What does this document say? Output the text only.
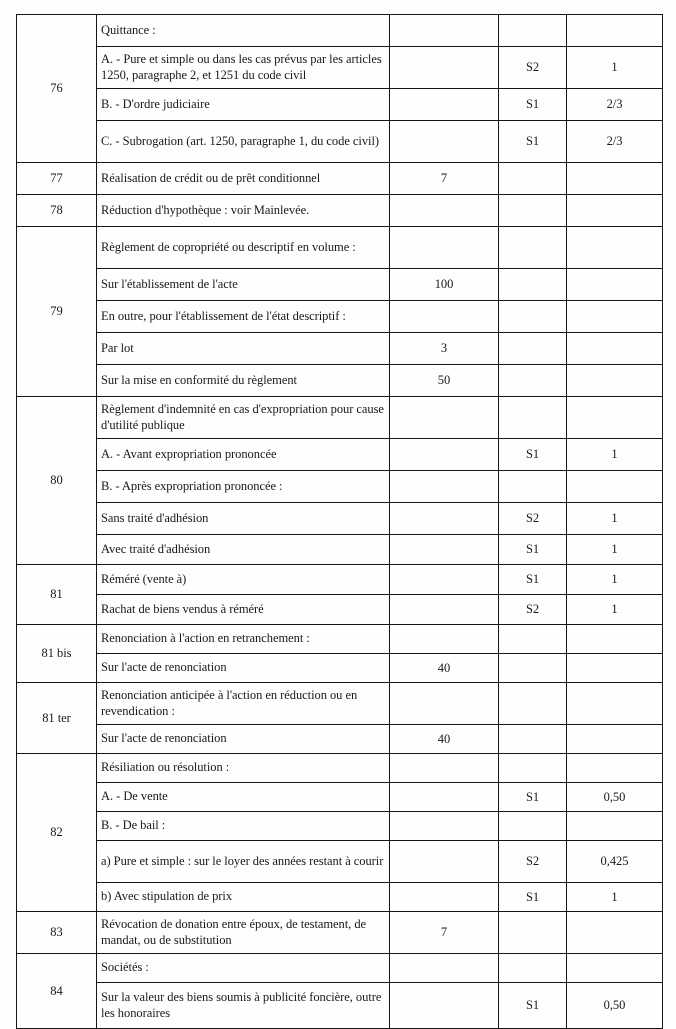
76	Quittance :			
	A. - Pure et simple ou dans les cas prévus par les articles 1250, paragraphe 2, et 1251 du code civil		S2	1
	B. - D'ordre judiciaire		S1	2/3
	C. - Subrogation (art. 1250, paragraphe 1, du code civil)		S1	2/3
77	Réalisation de crédit ou de prêt conditionnel	7		
78	Réduction d'hypothèque : voir Mainlevée.			
79	Règlement de copropriété ou descriptif en volume :			
	Sur l'établissement de l'acte	100		
	En outre, pour l'établissement de l'état descriptif :			
	Par lot	3		
	Sur la mise en conformité du règlement	50		
80	Règlement d'indemnité en cas d'expropriation pour cause d'utilité publique			
	A. - Avant expropriation prononcée		S1	1
	B. - Après expropriation prononcée :			
	Sans traité d'adhésion		S2	1
	Avec traité d'adhésion		S1	1
81	Réméré (vente à)		S1	1
	Rachat de biens vendus à réméré		S2	1
81 bis	Renonciation à l'action en retranchement :			
	Sur l'acte de renonciation	40		
81 ter	Renonciation anticipée à l'action en réduction ou en revendication :			
	Sur l'acte de renonciation	40		
82	Résiliation ou résolution :			
	A. - De vente		S1	0,50
	B. - De bail :			
	a) Pure et simple : sur le loyer des années restant à courir		S2	0,425
	b) Avec stipulation de prix		S1	1
83	Révocation de donation entre époux, de testament, de mandat, ou de substitution	7		
84	Sociétés :			
	Sur la valeur des biens soumis à publicité foncière, outre les honoraires		S1	0,50
